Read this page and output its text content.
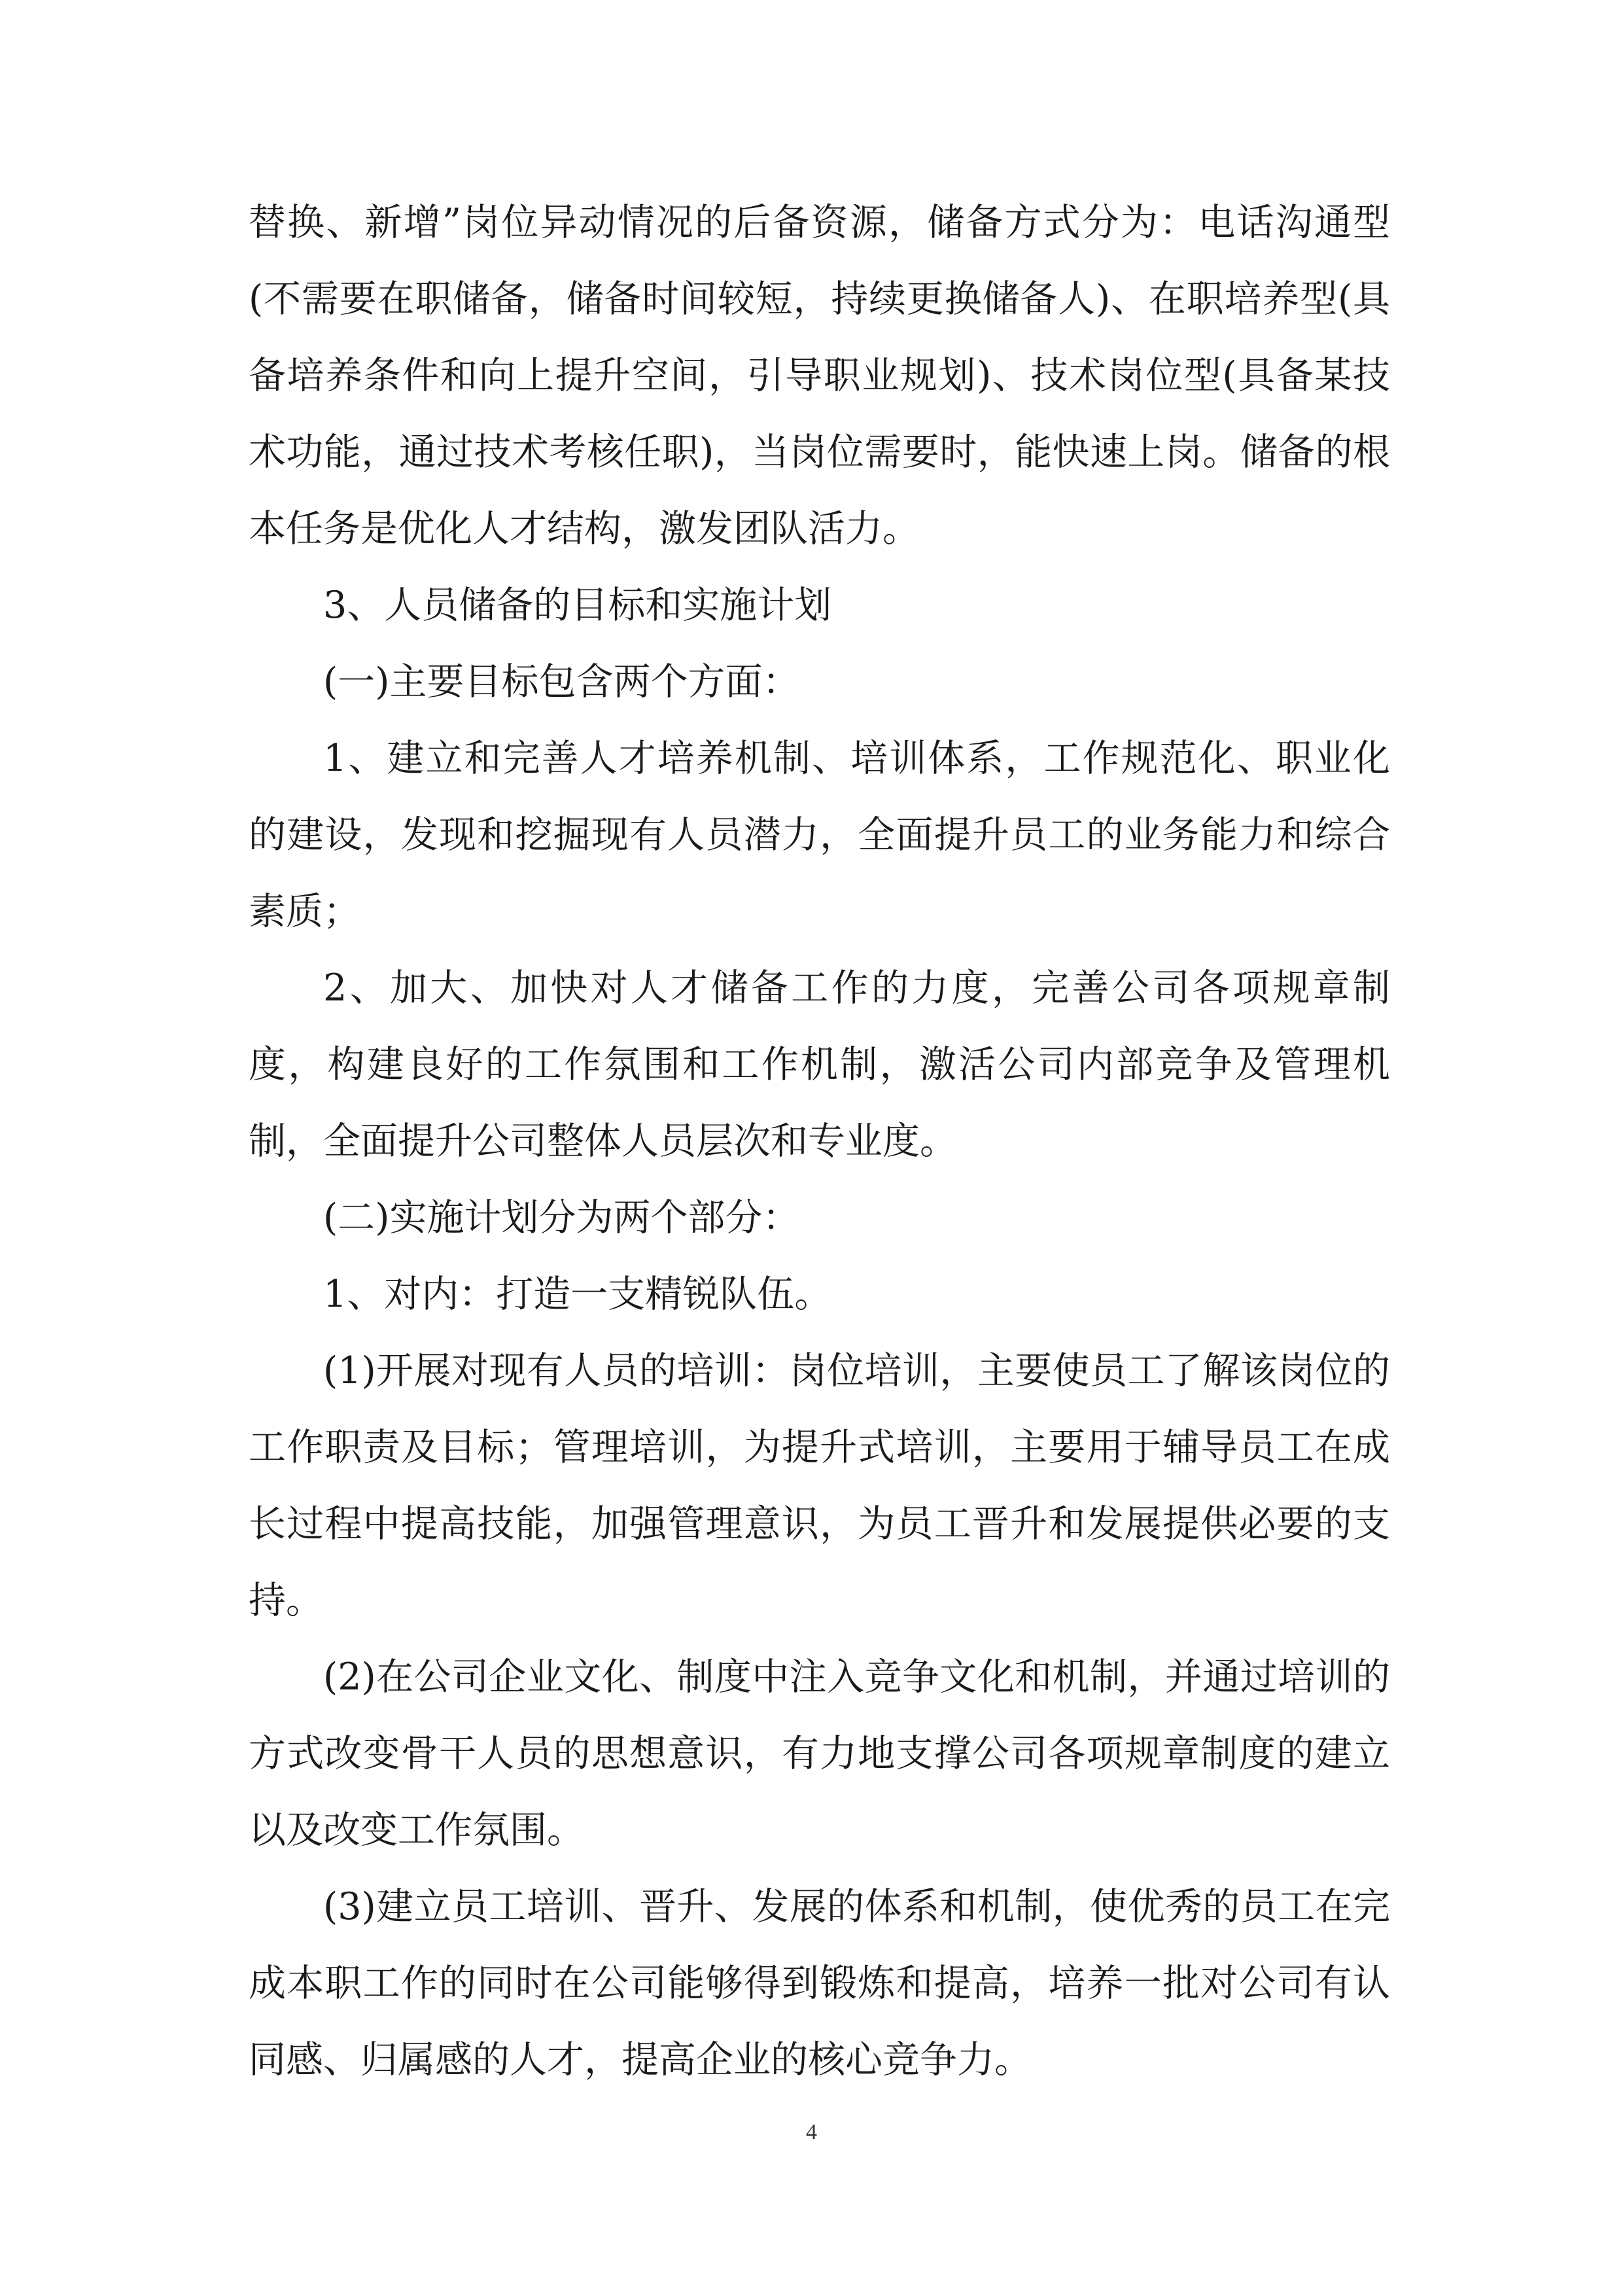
替换、新增”岗位异动情况的后备资源，储备方式分为：电话沟通型(不需要在职储备，储备时间较短，持续更换储备人)、在职培养型(具备培养条件和向上提升空间，引导职业规划)、技术岗位型(具备某技术功能，通过技术考核任职)，当岗位需要时，能快速上岗。储备的根本任务是优化人才结构，激发团队活力。

3、人员储备的目标和实施计划

(一)主要目标包含两个方面：

1、建立和完善人才培养机制、培训体系，工作规范化、职业化的建设，发现和挖掘现有人员潜力，全面提升员工的业务能力和综合素质；

2、加大、加快对人才储备工作的力度，完善公司各项规章制度，构建良好的工作氛围和工作机制，激活公司内部竞争及管理机制，全面提升公司整体人员层次和专业度。

(二)实施计划分为两个部分：

1、对内：打造一支精锐队伍。

(1)开展对现有人员的培训：岗位培训，主要使员工了解该岗位的工作职责及目标；管理培训，为提升式培训，主要用于辅导员工在成长过程中提高技能，加强管理意识，为员工晋升和发展提供必要的支持。

(2)在公司企业文化、制度中注入竞争文化和机制，并通过培训的方式改变骨干人员的思想意识，有力地支撑公司各项规章制度的建立以及改变工作氛围。

(3)建立员工培训、晋升、发展的体系和机制，使优秀的员工在完成本职工作的同时在公司能够得到锻炼和提高，培养一批对公司有认同感、归属感的人才，提高企业的核心竞争力。

4
